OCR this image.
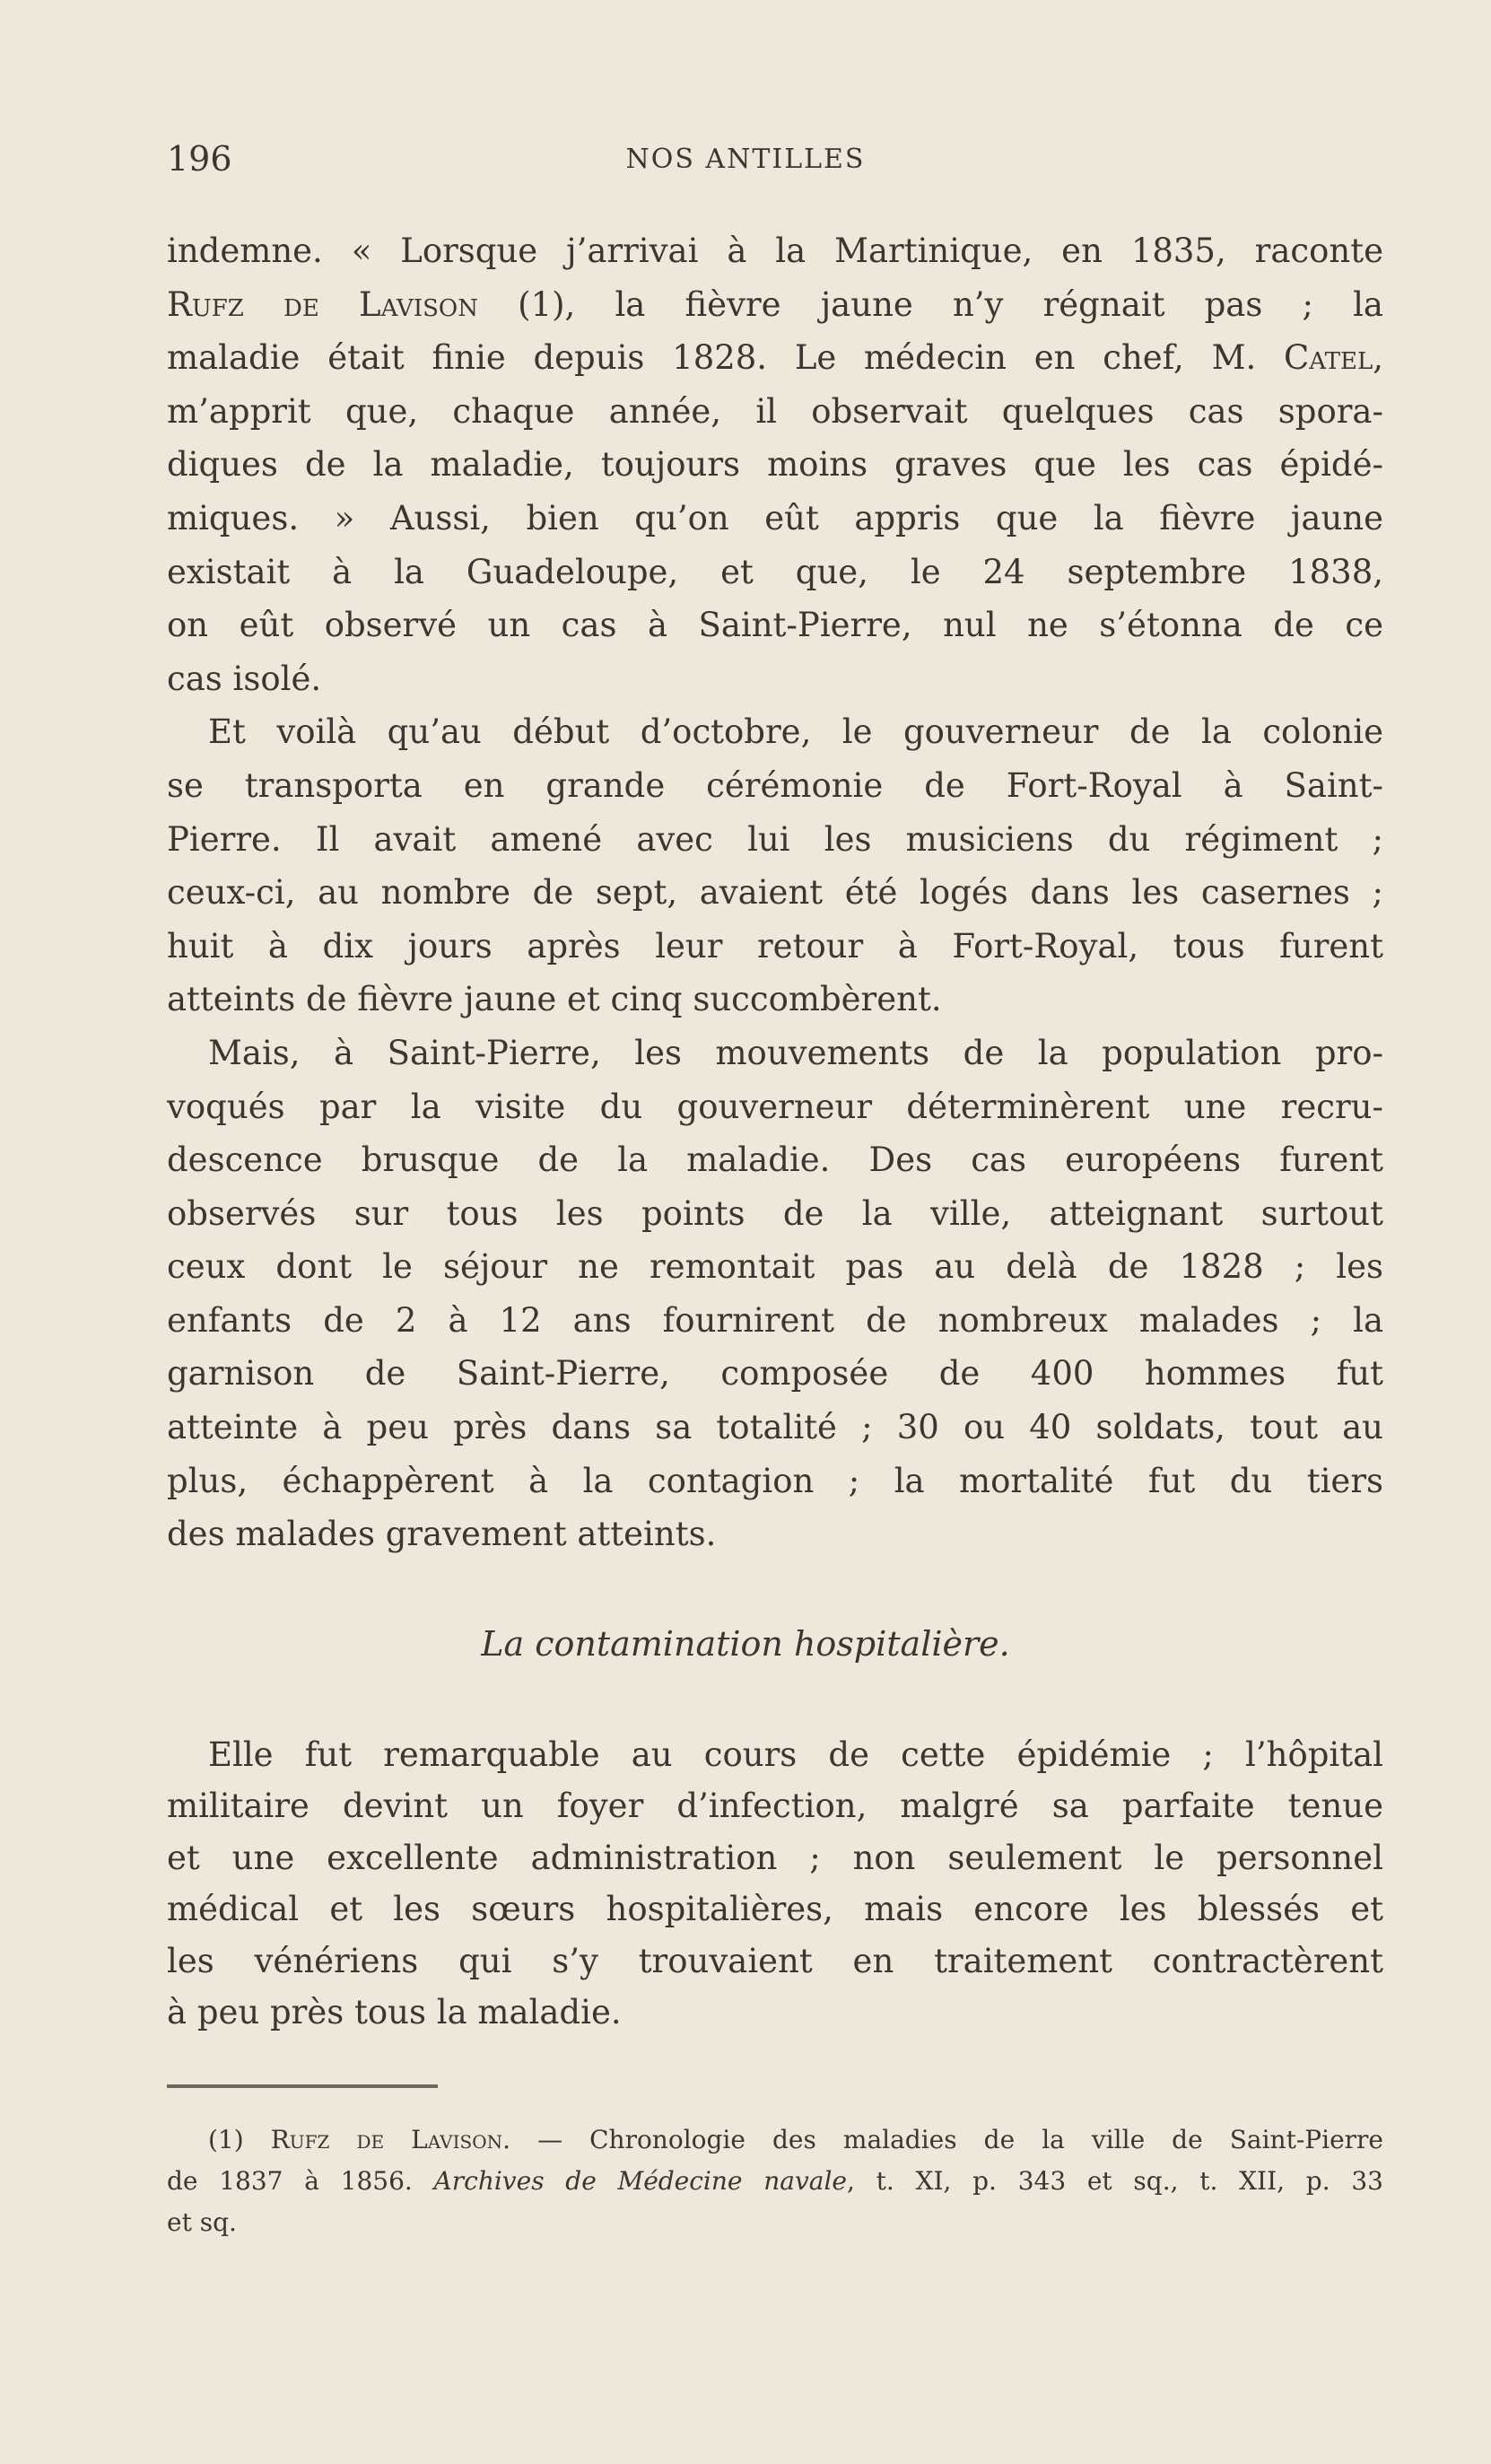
196	NOS ANTILLES
indemne. « Lorsque j’arrivai à la Martinique, en 1835, raconte
Rufz de Lavison (1), la fièvre jaune n’y régnait pas ; la
maladie était finie depuis 1828. Le médecin en chef, M. Catel,
m’apprit que, chaque année, il observait quelques cas spora-
diques de la maladie, toujours moins graves que les cas épidé-
miques. » Aussi, bien qu’on eût appris que la fièvre jaune
existait à la Guadeloupe, et que, le 24 septembre 1838,
on eût observé un cas à Saint-Pierre, nul ne s’étonna de ce
cas isolé.
Et voilà qu’au début d’octobre, le gouverneur de la colonie
se transporta en grande cérémonie de Fort-Royal à Saint-
Pierre. Il avait amené avec lui les musiciens du régiment ;
ceux-ci, au nombre de sept, avaient été logés dans les casernes ;
huit à dix jours après leur retour à Fort-Royal, tous furent
atteints de fièvre jaune et cinq succombèrent.
Mais, à Saint-Pierre, les mouvements de la population pro-
voqués par la visite du gouverneur déterminèrent une recru-
descence brusque de la maladie. Des cas européens furent
observés sur tous les points de la ville, atteignant surtout
ceux dont le séjour ne remontait pas au delà de 1828 ; les
enfants de 2 à 12 ans fournirent de nombreux malades ; la
garnison de Saint-Pierre, composée de 400 hommes fut
atteinte à peu près dans sa totalité ; 30 ou 40 soldats, tout au
plus, échappèrent à la contagion ; la mortalité fut du tiers
des malades gravement atteints.
La contamination hospitalière.
Elle fut remarquable au cours de cette épidémie ; l’hôpital
militaire devint un foyer d’infection, malgré sa parfaite tenue
et une excellente administration ; non seulement le personnel
médical et les sœurs hospitalières, mais encore les blessés et
les vénériens qui s’y trouvaient en traitement contractèrent
à peu près tous la maladie.
(1) Rufz de Lavison. — Chronologie des maladies de la ville de Saint-Pierre
de 1837 à 1856. Archives de Médecine navale, t. XI, p. 343 et sq., t. XII, p. 33
et sq.
